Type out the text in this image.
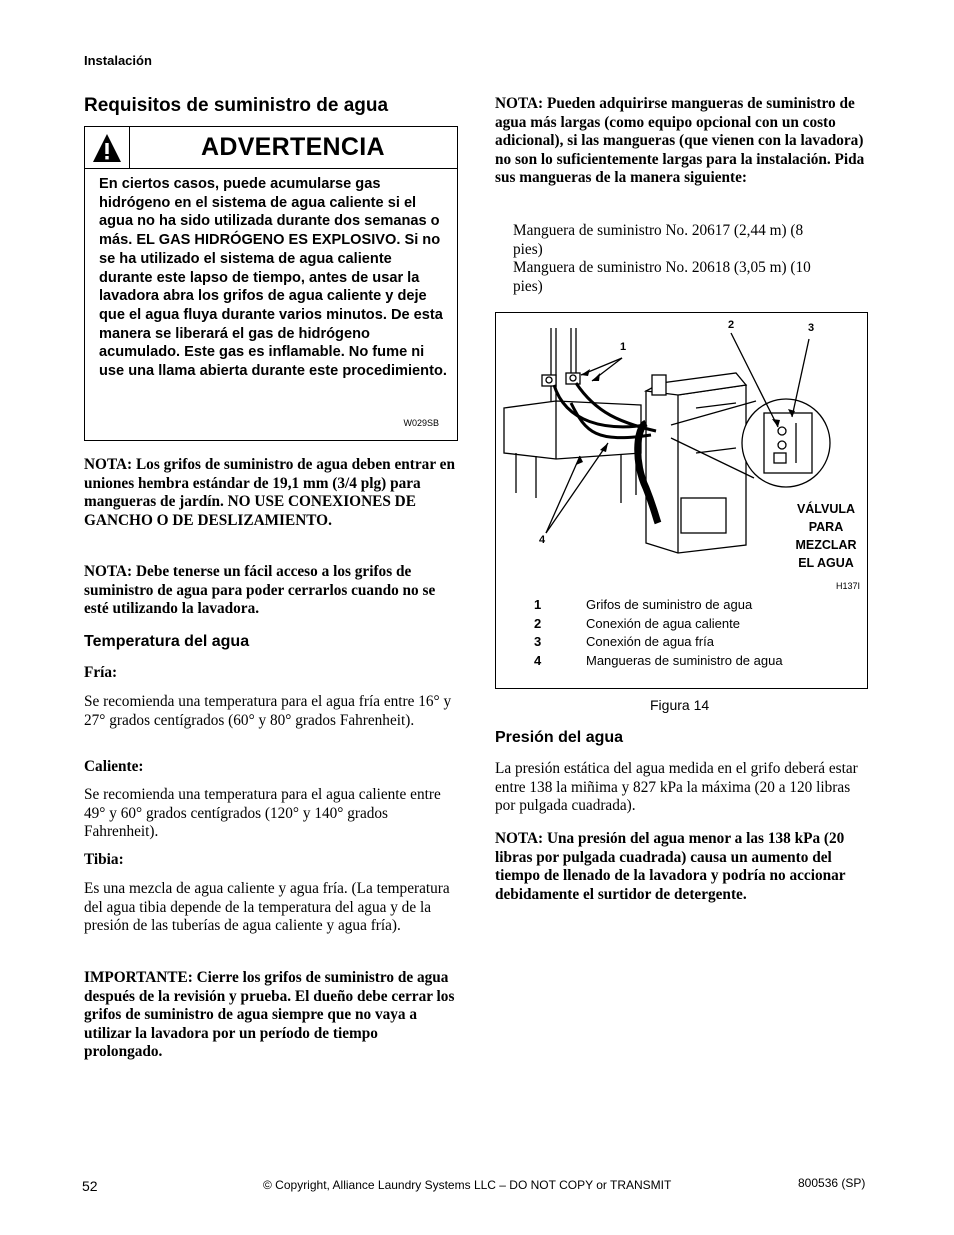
Instalación
Requisitos de suministro de agua
ADVERTENCIA
En ciertos casos, puede acumularse gas hidrógeno en el sistema de agua caliente si el agua no ha sido utilizada durante dos semanas o más. EL GAS HIDRÓGENO ES EXPLOSIVO. Si no se ha utilizado el sistema de agua caliente durante este lapso de tiempo, antes de usar la lavadora abra los grifos de agua caliente y deje que el agua fluya durante varios minutos. De esta manera se liberará el gas de hidrógeno acumulado. Este gas es inflamable. No fume ni use una llama abierta durante este procedimiento.
W029SB
NOTA: Los grifos de suministro de agua deben entrar en uniones hembra estándar de 19,1 mm (3/4 plg) para mangueras de jardín. NO USE CONEXIONES DE GANCHO O DE DESLIZAMIENTO.
NOTA: Debe tenerse un fácil acceso a los grifos de suministro de agua para poder cerrarlos cuando no se esté utilizando la lavadora.
Temperatura del agua
Fría:
Se recomienda una temperatura para el agua fría entre 16° y 27° grados centígrados (60° y 80° grados Fahrenheit).
Caliente:
Se recomienda una temperatura para el agua caliente entre 49° y 60° grados centígrados (120° y 140° grados Fahrenheit).
Tibia:
Es una mezcla de agua caliente y agua fría. (La temperatura del agua tibia depende de la temperatura del agua y de la presión de las tuberías de agua caliente y agua fría).
IMPORTANTE: Cierre los grifos de suministro de agua después de la revisión y prueba. El dueño debe cerrar los grifos de suministro de agua siempre que no vaya a utilizar la lavadora por un período de tiempo prolongado.
NOTA: Pueden adquirirse mangueras de suministro de agua más largas (como equipo opcional con un costo adicional), si las mangueras (que vienen con la lavadora) no son lo suficientemente largas para la instalación. Pida sus mangueras de la manera siguiente:
Manguera de suministro No. 20617 (2,44 m) (8 pies)
Manguera de suministro No. 20618 (3,05 m) (10 pies)
1
2	3
4
VÁLVULA
PARA
MEZCLAR
EL AGUA
H137I
1	Grifos de suministro de agua
2	Conexión de agua caliente
3	Conexión de agua fría
4	Mangueras de suministro de agua
Figura 14
Presión del agua
La presión estática del agua medida en el grifo deberá estar entre 138 la miñima y 827 kPa la máxima (20 a 120 libras por pulgada cuadrada).
NOTA: Una presión del agua menor a las 138 kPa (20 libras por pulgada cuadrada) causa un aumento del tiempo de llenado de la lavadora y podría no accionar debidamente el surtidor de detergente.
52	© Copyright, Alliance Laundry Systems LLC – DO NOT COPY or TRANSMIT	800536 (SP)
